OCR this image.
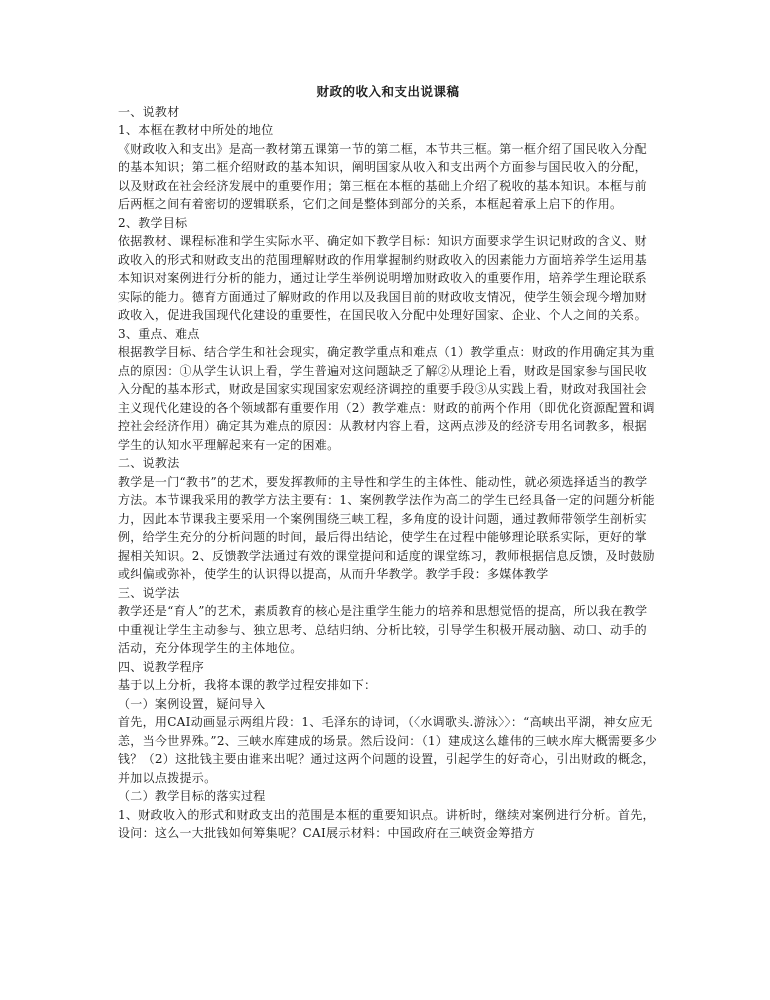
财政的收入和支出说课稿

一、说教材

1、本框在教材中所处的地位

《财政收入和支出》是高一教材第五课第一节的第二框，本节共三框。第一框介绍了国民收入分配的基本知识；第二框介绍财政的基本知识，阐明国家从收入和支出两个方面参与国民收入的分配，以及财政在社会经济发展中的重要作用；第三框在本框的基础上介绍了税收的基本知识。本框与前后两框之间有着密切的逻辑联系，它们之间是整体到部分的关系，本框起着承上启下的作用。

2、教学目标

依据教材、课程标准和学生实际水平、确定如下教学目标：知识方面要求学生识记财政的含义、财政收入的形式和财政支出的范围理解财政的作用掌握制约财政收入的因素能力方面培养学生运用基本知识对案例进行分析的能力，通过让学生举例说明增加财政收入的重要作用，培养学生理论联系实际的能力。德育方面通过了解财政的作用以及我国目前的财政收支情况，使学生领会现今增加财政收入，促进我国现代化建设的重要性，在国民收入分配中处理好国家、企业、个人之间的关系。

3、重点、难点

根据教学目标、结合学生和社会现实，确定教学重点和难点（1）教学重点：财政的作用确定其为重点的原因：①从学生认识上看，学生普遍对这问题缺乏了解②从理论上看，财政是国家参与国民收入分配的基本形式，财政是国家实现国家宏观经济调控的重要手段③从实践上看，财政对我国社会主义现代化建设的各个领域都有重要作用（2）教学难点：财政的前两个作用（即优化资源配置和调控社会经济作用）确定其为难点的原因：从教材内容上看，这两点涉及的经济专用名词教多，根据学生的认知水平理解起来有一定的困难。

二、说教法

教学是一门“教书”的艺术，要发挥教师的主导性和学生的主体性、能动性，就必须选择适当的教学方法。本节课我采用的教学方法主要有：1、案例教学法作为高二的学生已经具备一定的问题分析能力，因此本节课我主要采用一个案例围绕三峡工程，多角度的设计问题，通过教师带领学生剖析实例，给学生充分的分析问题的时间，最后得出结论，使学生在过程中能够理论联系实际，更好的掌握相关知识。2、反馈教学法通过有效的课堂提问和适度的课堂练习，教师根据信息反馈，及时鼓励或纠偏或弥补，使学生的认识得以提高，从而升华教学。教学手段：多媒体教学

三、说学法

教学还是“育人”的艺术，素质教育的核心是注重学生能力的培养和思想觉悟的提高，所以我在教学中重视让学生主动参与、独立思考、总结归纳、分析比较，引导学生积极开展动脑、动口、动手的活动，充分体现学生的主体地位。

四、说教学程序

基于以上分析，我将本课的教学过程安排如下：

（一）案例设置，疑问导入

首先，用CAI动画显示两组片段：1、毛泽东的诗词，（〈水调歌头.游泳〉〉：“高峡出平湖，神女应无恙，当今世界殊。”2、三峡水库建成的场景。然后设问：（1）建成这么雄伟的三峡水库大概需要多少钱？（2）这批钱主要由谁来出呢？通过这两个问题的设置，引起学生的好奇心，引出财政的概念，并加以点拨提示。

（二）教学目标的落实过程

1、财政收入的形式和财政支出的范围是本框的重要知识点。讲析时，继续对案例进行分析。首先，设问：这么一大批钱如何筹集呢？CAI展示材料：中国政府在三峡资金筹措方
